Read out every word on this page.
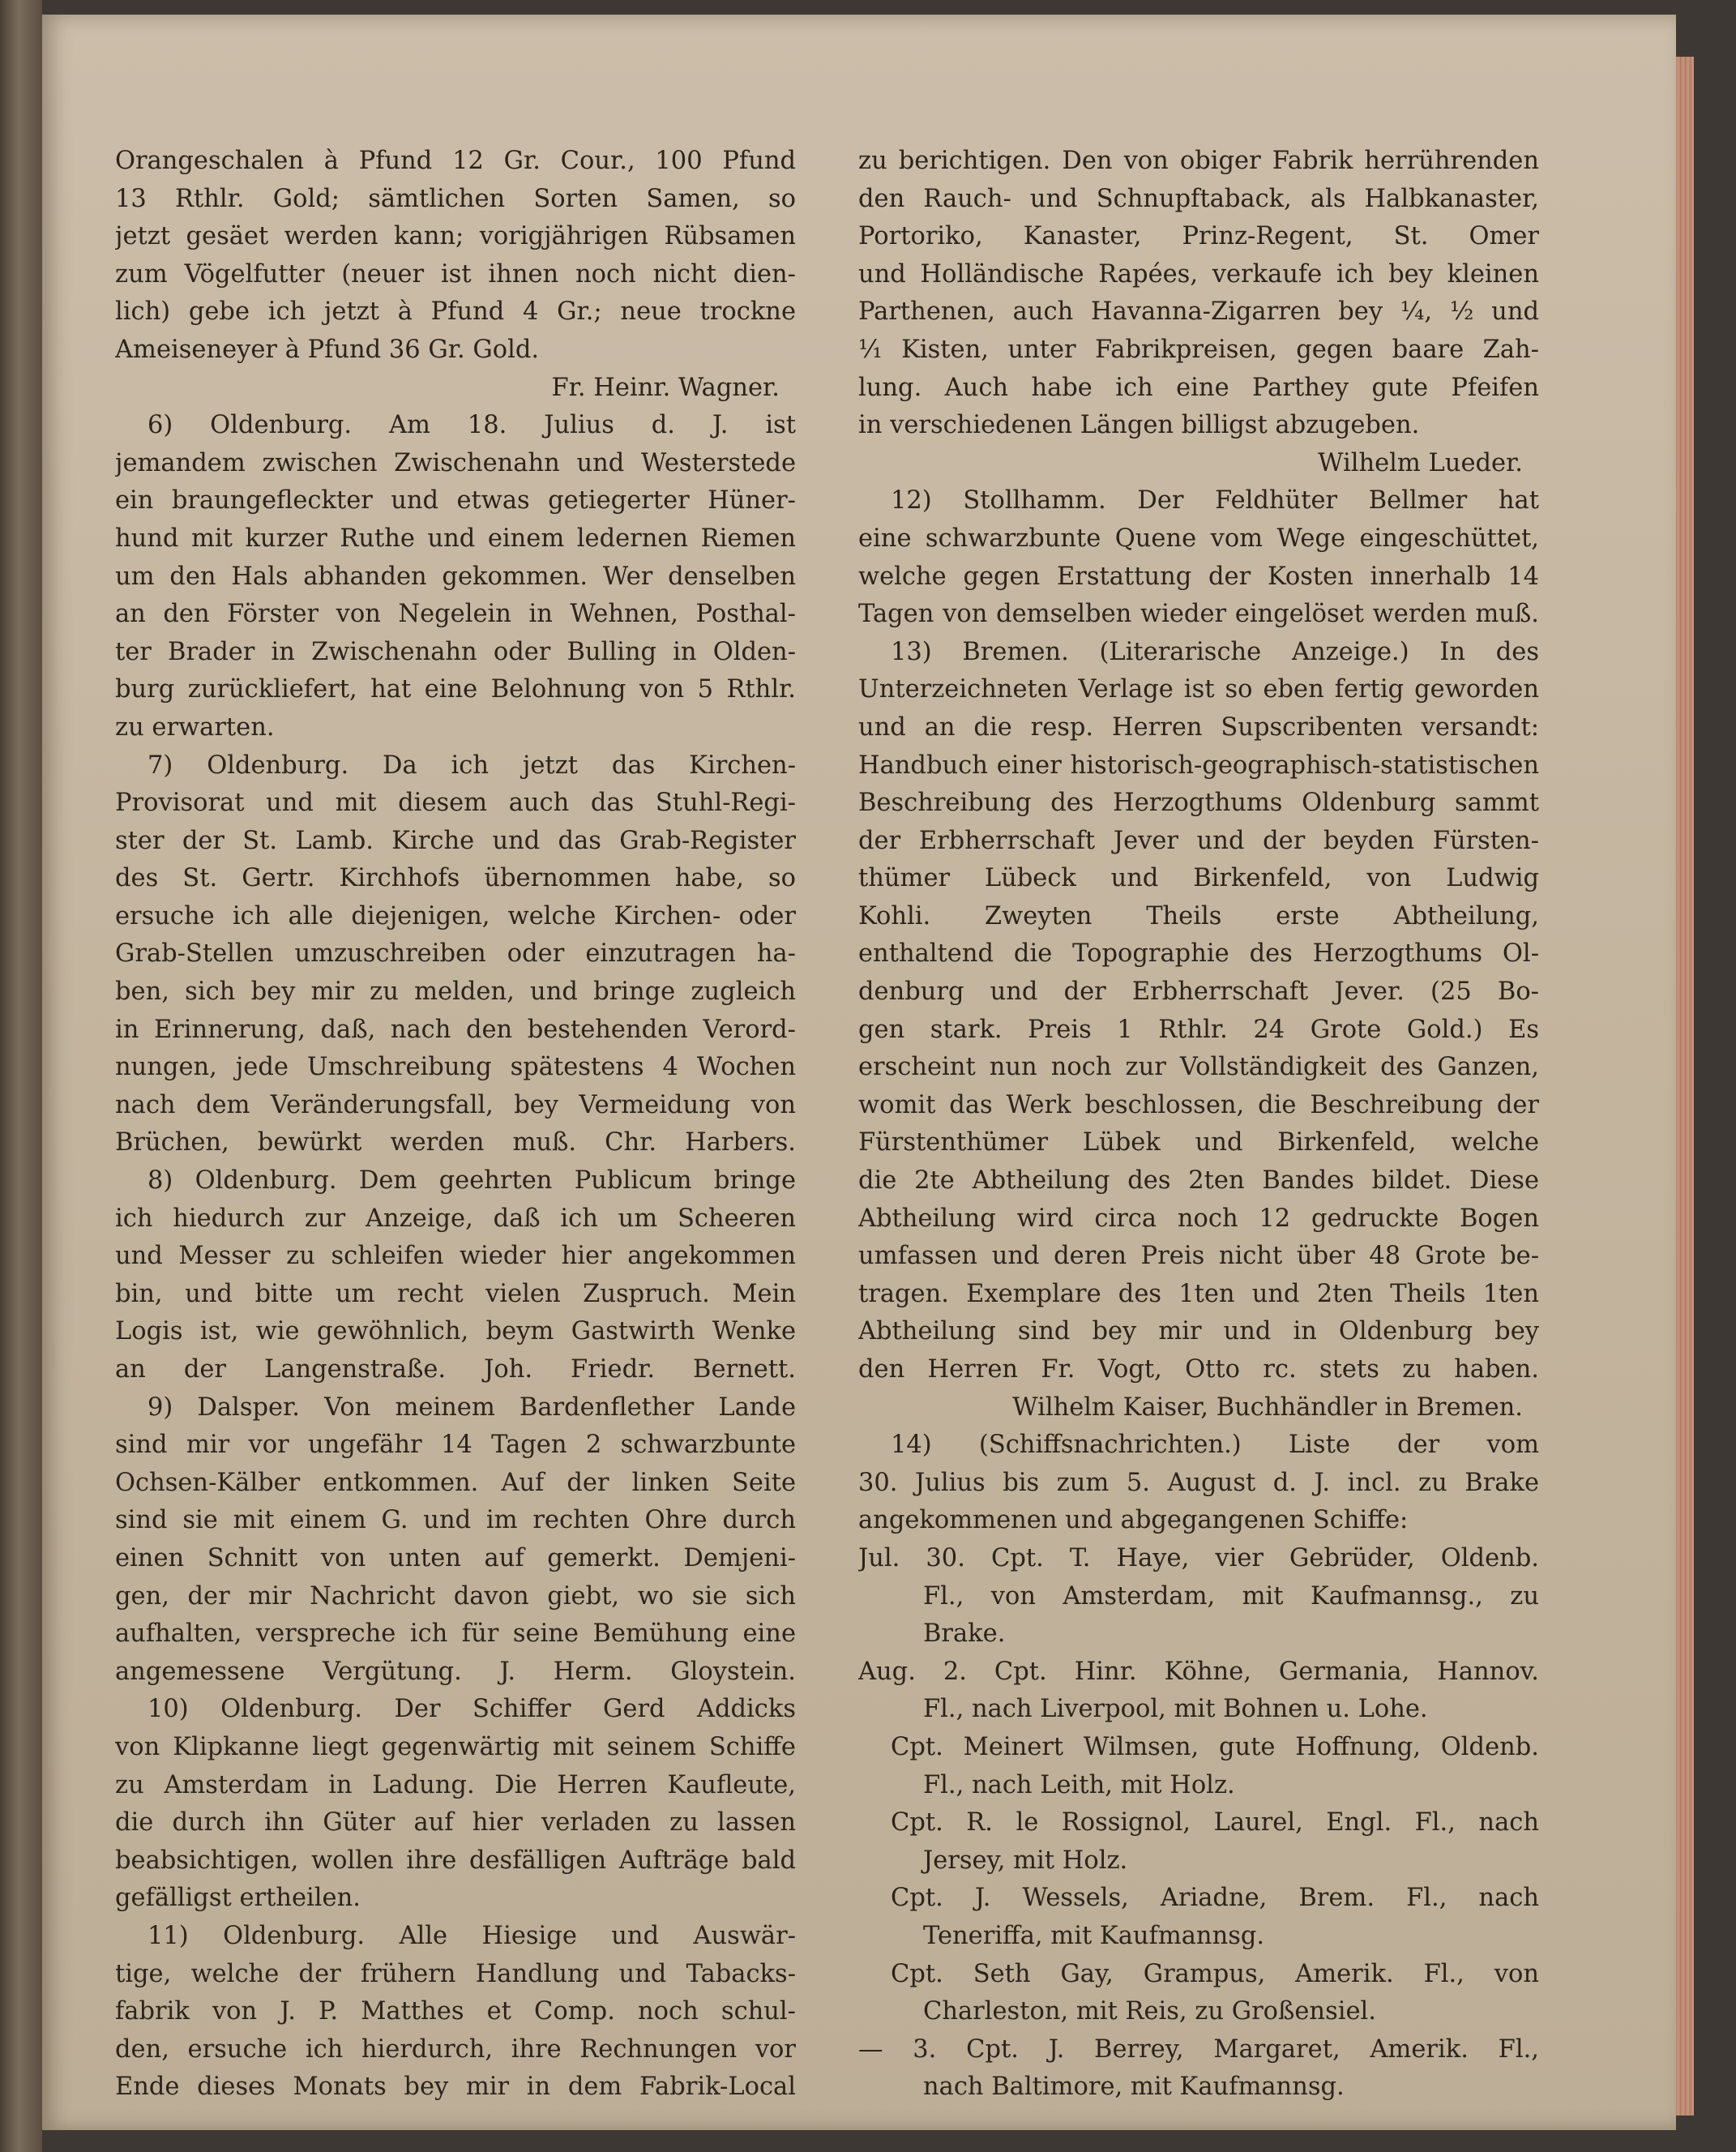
Orangeschalen à Pfund 12 Gr. Cour., 100 Pfund
13 Rthlr. Gold; sämtlichen Sorten Samen, so
jetzt gesäet werden kann; vorigjährigen Rübsamen
zum Vögelfutter (neuer ist ihnen noch nicht dien-
lich) gebe ich jetzt à Pfund 4 Gr.; neue trockne
Ameiseneyer à Pfund 36 Gr. Gold.
Fr. Heinr. Wagner.
6) Oldenburg. Am 18. Julius d. J. ist
jemandem zwischen Zwischenahn und Westerstede
ein braungefleckter und etwas getiegerter Hüner-
hund mit kurzer Ruthe und einem ledernen Riemen
um den Hals abhanden gekommen. Wer denselben
an den Förster von Negelein in Wehnen, Posthal-
ter Brader in Zwischenahn oder Bulling in Olden-
burg zurückliefert, hat eine Belohnung von 5 Rthlr.
zu erwarten.
7) Oldenburg. Da ich jetzt das Kirchen-
Provisorat und mit diesem auch das Stuhl-Regi-
ster der St. Lamb. Kirche und das Grab-Register
des St. Gertr. Kirchhofs übernommen habe, so
ersuche ich alle diejenigen, welche Kirchen- oder
Grab-Stellen umzuschreiben oder einzutragen ha-
ben, sich bey mir zu melden, und bringe zugleich
in Erinnerung, daß, nach den bestehenden Verord-
nungen, jede Umschreibung spätestens 4 Wochen
nach dem Veränderungsfall, bey Vermeidung von
Brüchen, bewürkt werden muß. Chr. Harbers.
8) Oldenburg. Dem geehrten Publicum bringe
ich hiedurch zur Anzeige, daß ich um Scheeren
und Messer zu schleifen wieder hier angekommen
bin, und bitte um recht vielen Zuspruch. Mein
Logis ist, wie gewöhnlich, beym Gastwirth Wenke
an der Langenstraße. Joh. Friedr. Bernett.
9) Dalsper. Von meinem Bardenflether Lande
sind mir vor ungefähr 14 Tagen 2 schwarzbunte
Ochsen-Kälber entkommen. Auf der linken Seite
sind sie mit einem G. und im rechten Ohre durch
einen Schnitt von unten auf gemerkt. Demjeni-
gen, der mir Nachricht davon giebt, wo sie sich
aufhalten, verspreche ich für seine Bemühung eine
angemessene Vergütung. J. Herm. Gloystein.
10) Oldenburg. Der Schiffer Gerd Addicks
von Klipkanne liegt gegenwärtig mit seinem Schiffe
zu Amsterdam in Ladung. Die Herren Kaufleute,
die durch ihn Güter auf hier verladen zu lassen
beabsichtigen, wollen ihre desfälligen Aufträge bald
gefälligst ertheilen.
11) Oldenburg. Alle Hiesige und Auswär-
tige, welche der frühern Handlung und Tabacks-
fabrik von J. P. Matthes et Comp. noch schul-
den, ersuche ich hierdurch, ihre Rechnungen vor
Ende dieses Monats bey mir in dem Fabrik-Local
zu berichtigen. Den von obiger Fabrik herrührenden
den Rauch- und Schnupftaback, als Halbkanaster,
Portoriko, Kanaster, Prinz-Regent, St. Omer
und Holländische Rapées, verkaufe ich bey kleinen
Parthenen, auch Havanna-Zigarren bey ¼, ½ und
⅟₁ Kisten, unter Fabrikpreisen, gegen baare Zah-
lung. Auch habe ich eine Parthey gute Pfeifen
in verschiedenen Längen billigst abzugeben.
Wilhelm Lueder.
12) Stollhamm. Der Feldhüter Bellmer hat
eine schwarzbunte Quene vom Wege eingeschüttet,
welche gegen Erstattung der Kosten innerhalb 14
Tagen von demselben wieder eingelöset werden muß.
13) Bremen. (Literarische Anzeige.) In des
Unterzeichneten Verlage ist so eben fertig geworden
und an die resp. Herren Supscribenten versandt:
Handbuch einer historisch-geographisch-statistischen
Beschreibung des Herzogthums Oldenburg sammt
der Erbherrschaft Jever und der beyden Fürsten-
thümer Lübeck und Birkenfeld, von Ludwig
Kohli. Zweyten Theils erste Abtheilung,
enthaltend die Topographie des Herzogthums Ol-
denburg und der Erbherrschaft Jever. (25 Bo-
gen stark. Preis 1 Rthlr. 24 Grote Gold.) Es
erscheint nun noch zur Vollständigkeit des Ganzen,
womit das Werk beschlossen, die Beschreibung der
Fürstenthümer Lübek und Birkenfeld, welche
die 2te Abtheilung des 2ten Bandes bildet. Diese
Abtheilung wird circa noch 12 gedruckte Bogen
umfassen und deren Preis nicht über 48 Grote be-
tragen. Exemplare des 1ten und 2ten Theils 1ten
Abtheilung sind bey mir und in Oldenburg bey
den Herren Fr. Vogt, Otto rc. stets zu haben.
Wilhelm Kaiser, Buchhändler in Bremen.
14) (Schiffsnachrichten.) Liste der vom
30. Julius bis zum 5. August d. J. incl. zu Brake
angekommenen und abgegangenen Schiffe:
Jul. 30. Cpt. T. Haye, vier Gebrüder, Oldenb.
Fl., von Amsterdam, mit Kaufmannsg., zu
Brake.
Aug. 2. Cpt. Hinr. Köhne, Germania, Hannov.
Fl., nach Liverpool, mit Bohnen u. Lohe.
Cpt. Meinert Wilmsen, gute Hoffnung, Oldenb.
Fl., nach Leith, mit Holz.
Cpt. R. le Rossignol, Laurel, Engl. Fl., nach
Jersey, mit Holz.
Cpt. J. Wessels, Ariadne, Brem. Fl., nach
Teneriffa, mit Kaufmannsg.
Cpt. Seth Gay, Grampus, Amerik. Fl., von
Charleston, mit Reis, zu Großensiel.
— 3. Cpt. J. Berrey, Margaret, Amerik. Fl.,
nach Baltimore, mit Kaufmannsg.
